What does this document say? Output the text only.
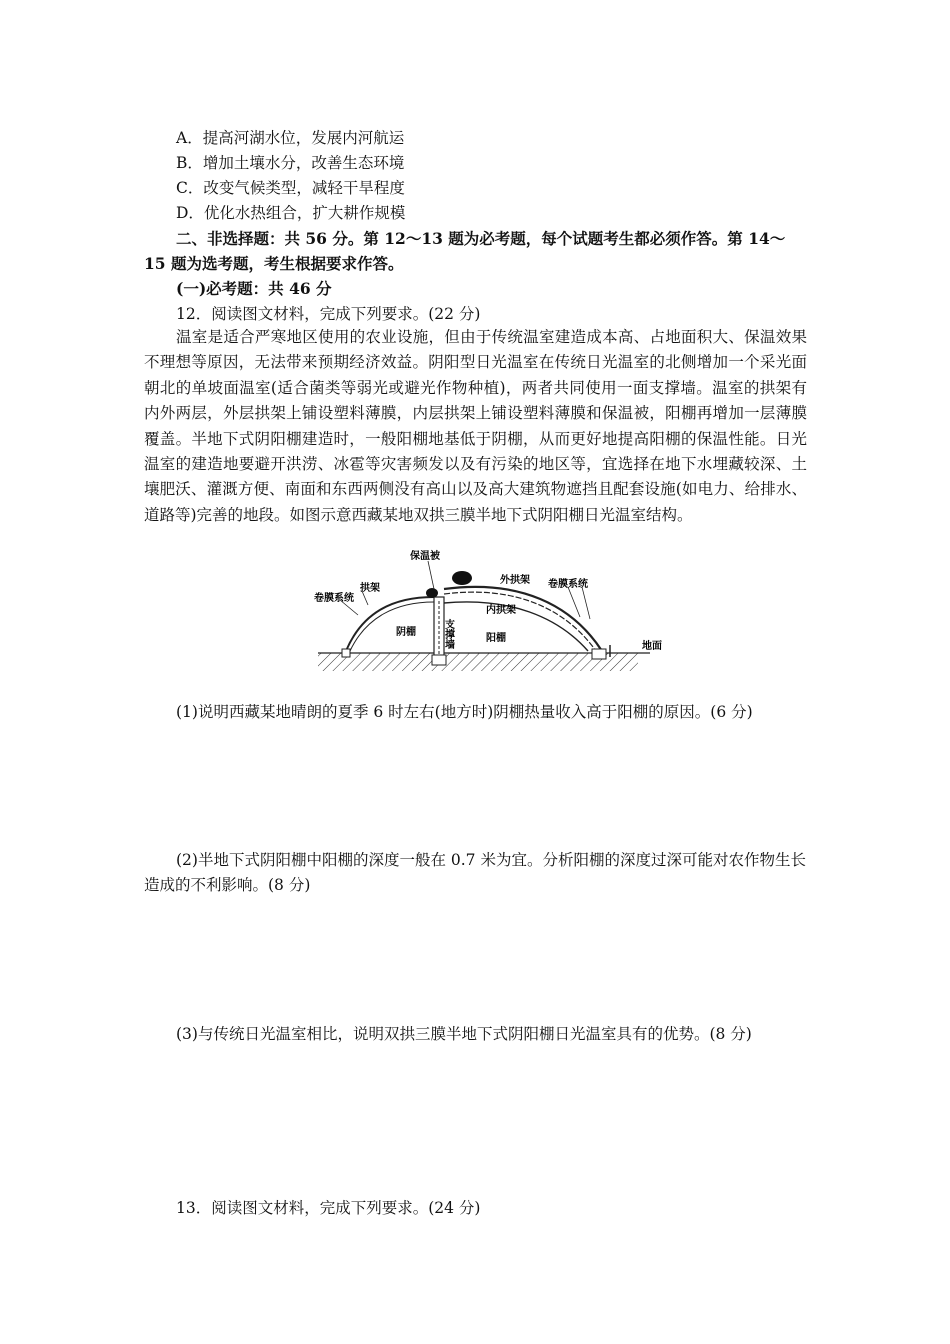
A．提高河湖水位，发展内河航运
B．增加土壤水分，改善生态环境
C．改变气候类型，减轻干旱程度
D．优化水热组合，扩大耕作规模
二、非选择题：共 56 分。第 12～13 题为必考题，每个试题考生都必须作答。第 14～
15 题为选考题，考生根据要求作答。
(一)必考题：共 46 分
12．阅读图文材料，完成下列要求。(22 分)
温室是适合严寒地区使用的农业设施，但由于传统温室建造成本高、占地面积大、保温效果不理想等原因，无法带来预期经济效益。阴阳型日光温室在传统日光温室的北侧增加一个采光面朝北的单坡面温室(适合菌类等弱光或避光作物种植)，两者共同使用一面支撑墙。温室的拱架有内外两层，外层拱架上铺设塑料薄膜，内层拱架上铺设塑料薄膜和保温被，阳棚再增加一层薄膜覆盖。半地下式阴阳棚建造时，一般阳棚地基低于阴棚，从而更好地提高阳棚的保温性能。日光温室的建造地要避开洪涝、冰雹等灾害频发以及有污染的地区等，宜选择在地下水埋藏较深、土壤肥沃、灌溉方便、南面和东西两侧没有高山以及高大建筑物遮挡且配套设施(如电力、给排水、道路等)完善的地段。如图示意西藏某地双拱三膜半地下式阴阳棚日光温室结构。
保温被
拱架
卷膜系统
外拱架 卷膜系统
内拱架
阴棚
阳棚
地面
支撑墙
(1)说明西藏某地晴朗的夏季 6 时左右(地方时)阴棚热量收入高于阳棚的原因。(6 分)
(2)半地下式阴阳棚中阳棚的深度一般在 0.7 米为宜。分析阳棚的深度过深可能对农作物生长造成的不利影响。(8 分)
(3)与传统日光温室相比，说明双拱三膜半地下式阴阳棚日光温室具有的优势。(8 分)
13．阅读图文材料，完成下列要求。(24 分)
